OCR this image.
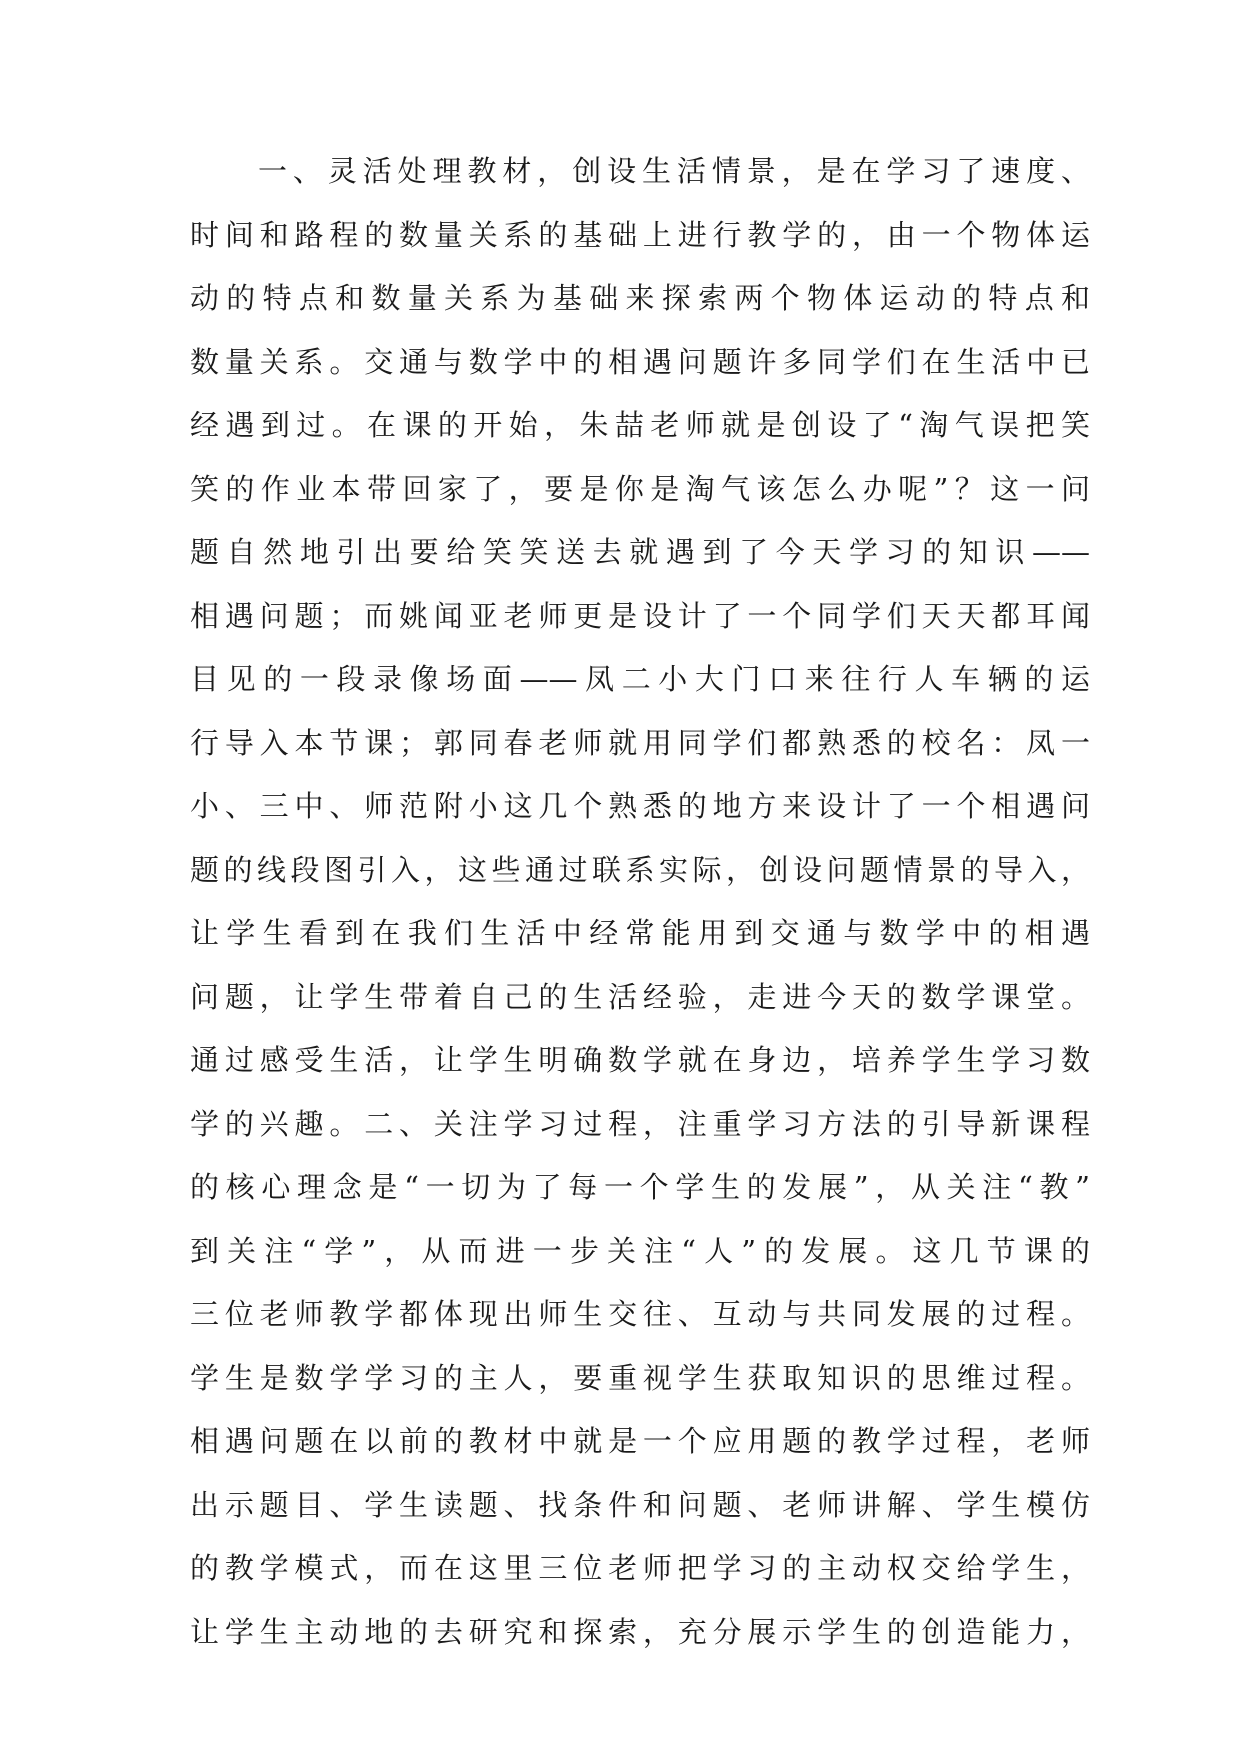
一、灵活处理教材，创设生活情景，是在学习了速度、
时间和路程的数量关系的基础上进行教学的，由一个物体运
动的特点和数量关系为基础来探索两个物体运动的特点和
数量关系。交通与数学中的相遇问题许多同学们在生活中已
经遇到过。在课的开始，朱喆老师就是创设了“淘气误把笑
笑的作业本带回家了，要是你是淘气该怎么办呢”？这一问
题自然地引出要给笑笑送去就遇到了今天学习的知识——
相遇问题；而姚闻亚老师更是设计了一个同学们天天都耳闻
目见的一段录像场面——凤二小大门口来往行人车辆的运
行导入本节课；郭同春老师就用同学们都熟悉的校名：凤一
小、三中、师范附小这几个熟悉的地方来设计了一个相遇问
题的线段图引入，这些通过联系实际，创设问题情景的导入，
让学生看到在我们生活中经常能用到交通与数学中的相遇
问题，让学生带着自己的生活经验，走进今天的数学课堂。
通过感受生活，让学生明确数学就在身边，培养学生学习数
学的兴趣。二、关注学习过程，注重学习方法的引导新课程
的核心理念是“一切为了每一个学生的发展”，从关注“教”
到关注“学”，从而进一步关注“人”的发展。这几节课的
三位老师教学都体现出师生交往、互动与共同发展的过程。
学生是数学学习的主人，要重视学生获取知识的思维过程。
相遇问题在以前的教材中就是一个应用题的教学过程，老师
出示题目、学生读题、找条件和问题、老师讲解、学生模仿
的教学模式，而在这里三位老师把学习的主动权交给学生，
让学生主动地的去研究和探索，充分展示学生的创造能力，
